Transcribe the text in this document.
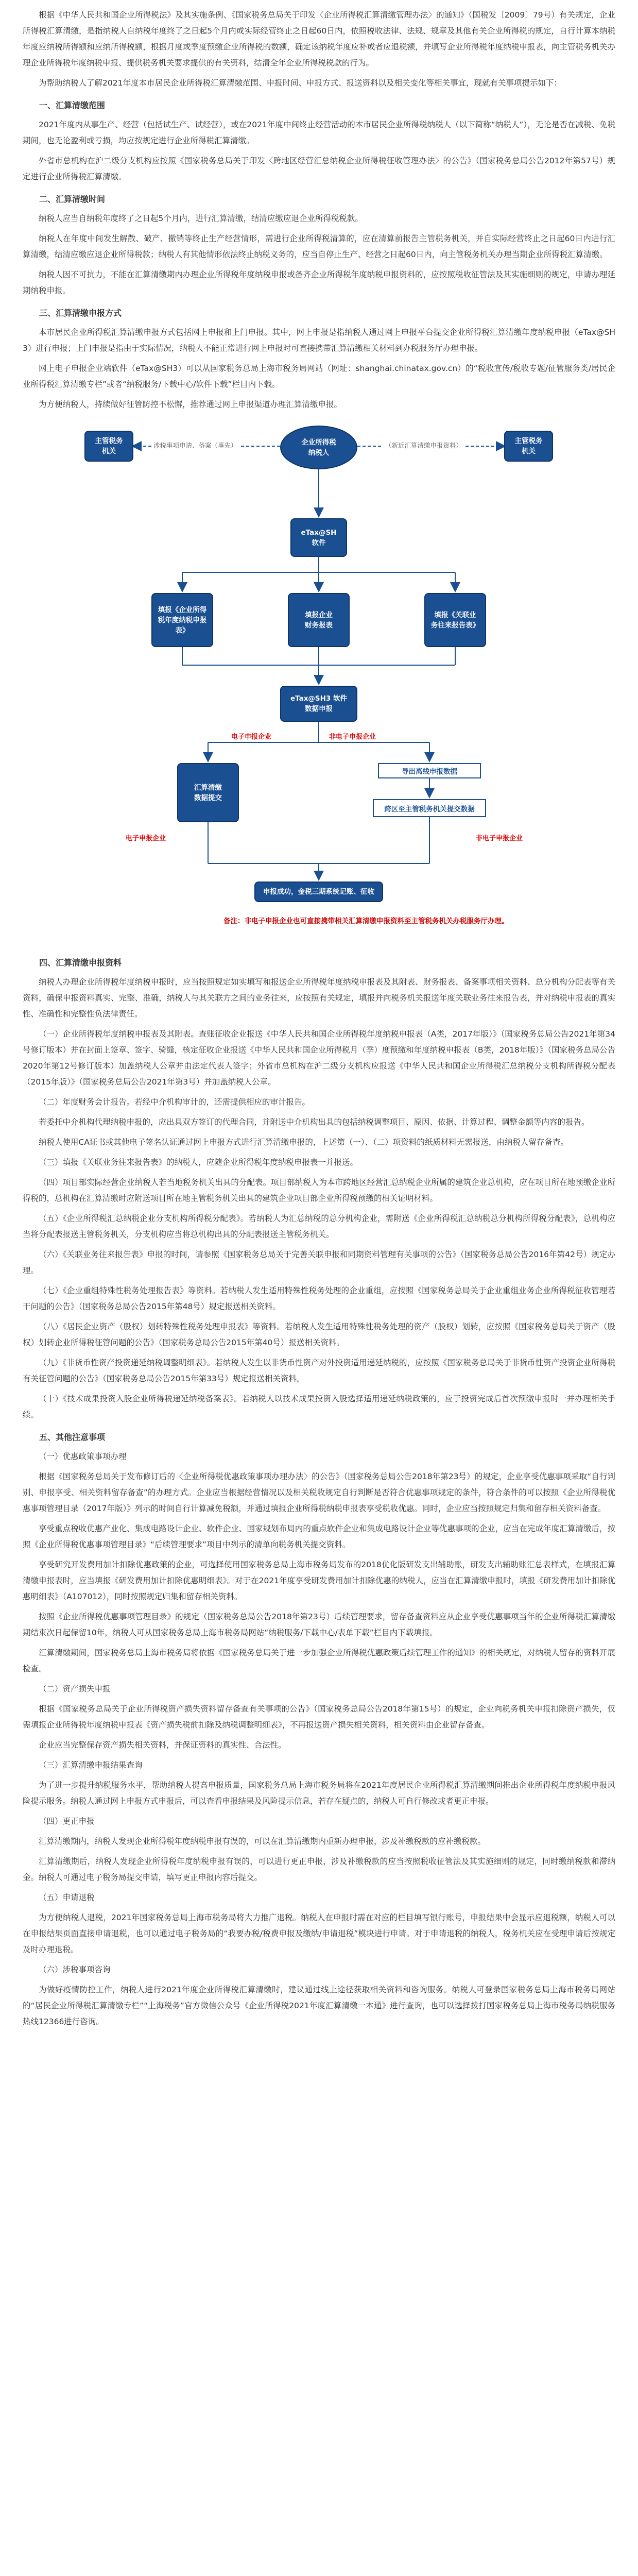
根据《中华人民共和国企业所得税法》及其实施条例、《国家税务总局关于印发〈企业所得税汇算清缴管理办法〉的通知》（国税发〔2009〕79号）有关规定，企业所得税汇算清缴，是指纳税人自纳税年度终了之日起5个月内或实际经营终止之日起60日内，依照税收法律、法规、规章及其他有关企业所得税的规定，自行计算本纳税年度应纳税所得额和应纳所得税额，根据月度或季度预缴企业所得税的数额，确定该纳税年度应补或者应退税额，并填写企业所得税年度纳税申报表，向主管税务机关办理企业所得税年度纳税申报、提供税务机关要求提供的有关资料，结清全年企业所得税税款的行为。

为帮助纳税人了解2021年度本市居民企业所得税汇算清缴范围、申报时间、申报方式、报送资料以及相关变化等相关事宜，现就有关事项提示如下：

一、汇算清缴范围

2021年度内从事生产、经营（包括试生产、试经营），或在2021年度中间终止经营活动的本市居民企业所得税纳税人（以下简称“纳税人”），无论是否在减税、免税期间，也无论盈利或亏损，均应按规定进行企业所得税汇算清缴。

外省市总机构在沪二级分支机构应按照《国家税务总局关于印发〈跨地区经营汇总纳税企业所得税征收管理办法〉的公告》（国家税务总局公告2012年第57号）规定进行企业所得税汇算清缴。

二、汇算清缴时间

纳税人应当自纳税年度终了之日起5个月内，进行汇算清缴，结清应缴应退企业所得税税款。

纳税人在年度中间发生解散、破产、撤销等终止生产经营情形，需进行企业所得税清算的，应在清算前报告主管税务机关，并自实际经营终止之日起60日内进行汇算清缴，结清应缴应退企业所得税款；纳税人有其他情形依法终止纳税义务的，应当自停止生产、经营之日起60日内，向主管税务机关办理当期企业所得税汇算清缴。

纳税人因不可抗力，不能在汇算清缴期内办理企业所得税年度纳税申报或备齐企业所得税年度纳税申报资料的，应按照税收征管法及其实施细则的规定，申请办理延期纳税申报。

三、汇算清缴申报方式

本市居民企业所得税汇算清缴申报方式包括网上申报和上门申报。其中，网上申报是指纳税人通过网上申报平台提交企业所得税汇算清缴年度纳税申报（eTax@SH3）进行申报；上门申报是指由于实际情况，纳税人不能正常进行网上申报时可直接携带汇算清缴相关材料到办税服务厅办理申报。

网上电子申报企业端软件（eTax@SH3）可以从国家税务总局上海市税务局网站（网址：shanghai.chinatax.gov.cn）的“税收宣传/税收专题/征管服务类/居民企业所得税汇算清缴专栏”或者“纳税服务/下载中心/软件下载”栏目内下载。

为方便纳税人，持续做好征管防控不松懈，推荐通过网上申报渠道办理汇算清缴申报。

主管税务
机关
企业所得税
纳税人
主管税务
机关
涉税事项申请、备案（事先）	（新近汇算清缴申报资料）
eTax@SH
软件
填报《企业所得
税年度纳税申报
表》
填报企业
财务报表
填报《关联业
务往来报告表》
eTax@SH3 软件
数据申报
电子申报企业	非电子申报企业
汇算清缴
数据提交
导出离线申报数据
跨区至主管税务机关提交数据
电子申报企业	非电子申报企业
申报成功，金税三期系统记账、征收
备注：非电子申报企业也可直接携带相关汇算清缴申报资料至主管税务机关办税服务厅办理。
四、汇算清缴申报资料

纳税人办理企业所得税年度纳税申报时，应当按照规定如实填写和报送企业所得税年度纳税申报表及其附表、财务报表、备案事项相关资料、总分机构分配表等有关资料，确保申报资料真实、完整、准确，纳税人与其关联方之间的业务往来，应按照有关规定，填报并向税务机关报送年度关联业务往来报告表，并对纳税申报表的真实性、准确性和完整性负法律责任。

（一）企业所得税年度纳税申报表及其附表。查账征收企业报送《中华人民共和国企业所得税年度纳税申报表（A类，2017年版）》（国家税务总局公告2021年第34号修订版本）并在封面上签章、签字、骑缝，核定征收企业报送《中华人民共和国企业所得税月（季）度预缴和年度纳税申报表（B类，2018年版）》（国家税务总局公告2020年第12号修订版本）加盖纳税人公章并由法定代表人签字；外省市总机构在沪二级分支机构应报送《中华人民共和国企业所得税汇总纳税分支机构所得税分配表（2015年版）》（国家税务总局公告2021年第3号）并加盖纳税人公章。

（二）年度财务会计报告。若经中介机构审计的，还需提供相应的审计报告。

若委托中介机构代理纳税申报的，应出具双方签订的代理合同，并附送中介机构出具的包括纳税调整项目、原因、依据、计算过程、调整金额等内容的报告。

纳税人使用CA证书或其他电子签名认证通过网上申报方式进行汇算清缴申报的，上述第（一）、（二）项资料的纸质材料无需报送，由纳税人留存备查。

（三）填报《关联业务往来报告表》的纳税人，应随企业所得税年度纳税申报表一并报送。

（四）项目部实际经营企业纳税人若当地税务机关出具的分配表。项目部纳税人为本市跨地区经营汇总纳税企业所属的建筑企业总机构，应在项目所在地预缴企业所得税的，总机构在汇算清缴时应附送项目所在地主管税务机关出具的建筑企业项目部企业所得税预缴的相关证明材料。

（五）《企业所得税汇总纳税企业分支机构所得税分配表》。若纳税人为汇总纳税的总分机构企业，需附送《企业所得税汇总纳税总分机构所得税分配表》，总机构应当将分配表报送主管税务机关，分支机构应当将总机构出具的分配表报送主管税务机关。

（六）《关联业务往来报告表》申报的时间，请参照《国家税务总局关于完善关联申报和同期资料管理有关事项的公告》（国家税务总局公告2016年第42号）规定办理。

（七）《企业重组特殊性税务处理报告表》等资料。若纳税人发生适用特殊性税务处理的企业重组，应按照《国家税务总局关于企业重组业务企业所得税征收管理若干问题的公告》（国家税务总局公告2015年第48号）规定报送相关资料。

（八）《居民企业资产（股权）划转特殊性税务处理申报表》等资料。若纳税人发生适用特殊性税务处理的资产（股权）划转，应按照《国家税务总局关于资产（股权）划转企业所得税征管问题的公告》（国家税务总局公告2015年第40号）报送相关资料。

（九）《非货币性资产投资递延纳税调整明细表》。若纳税人发生以非货币性资产对外投资适用递延纳税的，应按照《国家税务总局关于非货币性资产投资企业所得税有关征管问题的公告》（国家税务总局公告2015年第33号）规定报送相关资料。

（十）《技术成果投资入股企业所得税递延纳税备案表》。若纳税人以技术成果投资入股选择适用递延纳税政策的，应于投资完成后首次预缴申报时一并办理相关手续。

五、其他注意事项

（一）优惠政策事项办理

根据《国家税务总局关于发布修订后的〈企业所得税优惠政策事项办理办法〉的公告》（国家税务总局公告2018年第23号）的规定，企业享受优惠事项采取“自行判别、申报享受、相关资料留存备查”的办理方式。企业应当根据经营情况以及相关税收规定自行判断是否符合优惠事项规定的条件，符合条件的可以按照《企业所得税优惠事项管理目录（2017年版）》列示的时间自行计算减免税额，并通过填报企业所得税纳税申报表享受税收优惠。同时，企业应当按照规定归集和留存相关资料备查。

享受重点税收优惠产业化、集成电路设计企业、软件企业、国家规划布局内的重点软件企业和集成电路设计企业等优惠事项的企业，应当在完成年度汇算清缴后，按照《企业所得税优惠事项管理目录》“后续管理要求”项目中列示的清单向税务机关提交资料。

享受研究开发费用加计扣除优惠政策的企业，可选择使用国家税务总局上海市税务局发布的2018优化版研发支出辅助账，研发支出辅助账汇总表样式，在填报汇算清缴申报表时，应当填报《研发费用加计扣除优惠明细表》。对于在2021年度享受研发费用加计扣除优惠的纳税人，应当在汇算清缴申报时，填报《研发费用加计扣除优惠明细表》（A107012），同时按照规定归集和留存相关资料。

按照《企业所得税优惠事项管理目录》的规定（国家税务总局公告2018年第23号）后续管理要求，留存备查资料应从企业享受优惠事项当年的企业所得税汇算清缴期结束次日起保留10年，纳税人可从国家税务总局上海市税务局网站“纳税服务/下载中心/表单下载”栏目内下载填报。

汇算清缴期间，国家税务总局上海市税务局将依据《国家税务总局关于进一步加强企业所得税优惠政策后续管理工作的通知》的相关规定，对纳税人留存的资料开展检查。

（二）资产损失申报

根据《国家税务总局关于企业所得税资产损失资料留存备查有关事项的公告》（国家税务总局公告2018年第15号）的规定，企业向税务机关申报扣除资产损失，仅需填报企业所得税年度纳税申报表《资产损失税前扣除及纳税调整明细表》，不再报送资产损失相关资料，相关资料由企业留存备查。

企业应当完整保存资产损失相关资料，并保证资料的真实性、合法性。

（三）汇算清缴申报结果查询

为了进一步提升纳税服务水平，帮助纳税人提高申报质量，国家税务总局上海市税务局将在2021年度居民企业所得税汇算清缴期间推出企业所得税年度纳税申报风险提示服务。纳税人通过网上申报方式申报后，可以查看申报结果及风险提示信息，若存在疑点的，纳税人可自行修改或者更正申报。

（四）更正申报

汇算清缴期内，纳税人发现企业所得税年度纳税申报有误的，可以在汇算清缴期内重新办理申报，涉及补缴税款的应补缴税款。

汇算清缴期后，纳税人发现企业所得税年度纳税申报有误的，可以进行更正申报，涉及补缴税款的应当按照税收征管法及其实施细则的规定，同时缴纳税款和滞纳金。纳税人可通过电子税务局提交申请，填写更正申报内容后提交。

（五）申请退税

为方便纳税人退税，2021年国家税务总局上海市税务局将大力推广退税。纳税人在申报时需在对应的栏目填写银行账号，申报结果中会显示应退税额，纳税人可以在申报结果页面直接申请退税，也可以通过电子税务局的“我要办税/税费申报及缴纳/申请退税”模块进行申请。对于申请退税的纳税人，税务机关应在受理申请后按规定及时办理退税。

（六）涉税事项咨询

为做好疫情防控工作，纳税人进行2021年度企业所得税汇算清缴时，建议通过线上途径获取相关资料和咨询服务。纳税人可登录国家税务总局上海市税务局网站的“居民企业所得税汇算清缴专栏”“上海税务”官方微信公众号《企业所得税2021年度汇算清缴一本通》进行查询，也可以选择拨打国家税务总局上海市税务局纳税服务热线12366进行咨询。
